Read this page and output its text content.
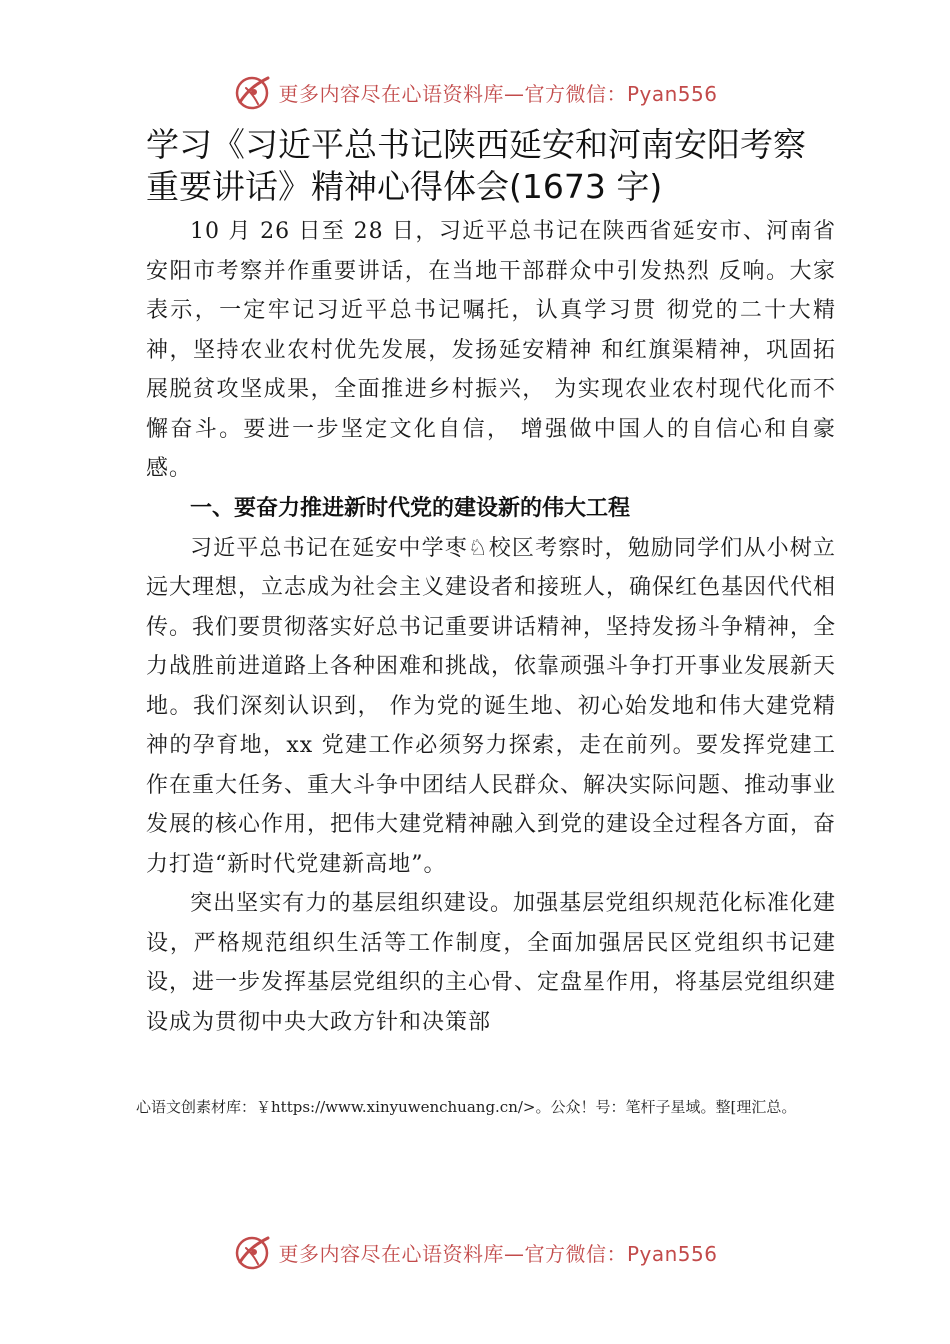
更多内容尽在心语资料库—官方微信：Pyan556
学习《习近平总书记陕西延安和河南安阳考察重要讲话》精神心得体会(1673 字)

10 月 26 日至 28 日，习近平总书记在陕西省延安市、河南省安阳市考察并作重要讲话，在当地干部群众中引发热烈 反响。大家表示，一定牢记习近平总书记嘱托，认真学习贯 彻党的二十大精神，坚持农业农村优先发展，发扬延安精神 和红旗渠精神，巩固拓展脱贫攻坚成果，全面推进乡村振兴， 为实现农业农村现代化而不懈奋斗。要进一步坚定文化自信， 增强做中国人的自信心和自豪感。

一、要奋力推进新时代党的建设新的伟大工程

习近平总书记在延安中学枣♘校区考察时，勉励同学们从小树立远大理想，立志成为社会主义建设者和接班人，确保红色基因代代相传。我们要贯彻落实好总书记重要讲话精神，坚持发扬斗争精神，全力战胜前进道路上各种困难和挑战，依靠顽强斗争打开事业发展新天地。我们深刻认识到， 作为党的诞生地、初心始发地和伟大建党精神的孕育地，xx 党建工作必须努力探索，走在前列。要发挥党建工作在重大任务、重大斗争中团结人民群众、解决实际问题、推动事业发展的核心作用，把伟大建党精神融入到党的建设全过程各方面，奋力打造“新时代党建新高地”。

突出坚实有力的基层组织建设。加强基层党组织规范化标准化建设，严格规范组织生活等工作制度，全面加强居民区党组织书记建设，进一步发挥基层党组织的主心骨、定盘星作用，将基层党组织建设成为贯彻中央大政方针和决策部

心语文创素材库：￥https://www.xinyuwenchuang.cn/>。公众！号：笔杆子星域。整[理汇总。

更多内容尽在心语资料库—官方微信：Pyan556
